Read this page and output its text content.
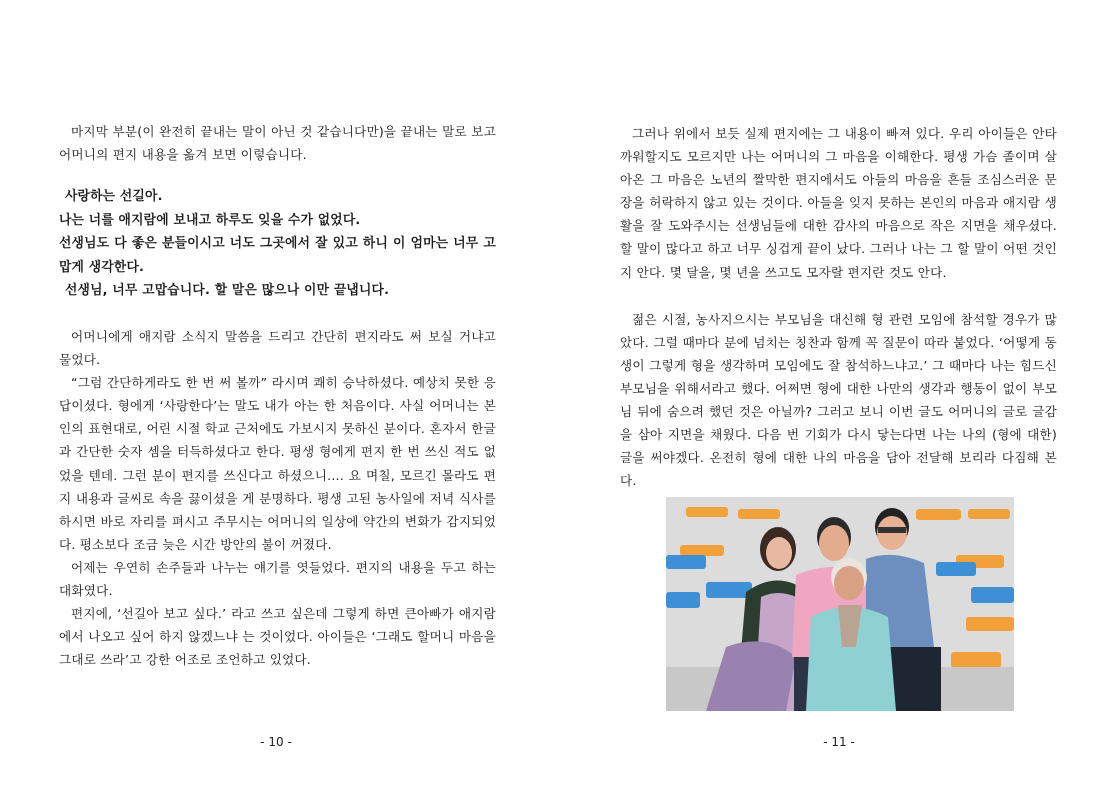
마지막 부분(이 완전히 끝내는 말이 아닌 것 같습니다만)을 끝내는 말로 보고 어머니의 편지 내용을 옮겨 보면 이렇습니다.

사랑하는 선길아.

나는 너를 애지람에 보내고 하루도 잊을 수가 없었다.

선생님도 다 좋은 분들이시고 너도 그곳에서 잘 있고 하니 이 엄마는 너무 고맙게 생각한다.

선생님, 너무 고맙습니다. 할 말은 많으나 이만 끝냅니다.

어머니에게 애지람 소식지 말씀을 드리고 간단히 편지라도 써 보실 거냐고 물었다.

“그럼 간단하게라도 한 번 써 볼까” 라시며 쾌히 승낙하셨다. 예상치 못한 응답이셨다. 형에게 ‘사랑한다’는 말도 내가 아는 한 처음이다. 사실 어머니는 본인의 표현대로, 어린 시절 학교 근처에도 가보시지 못하신 분이다. 혼자서 한글과 간단한 숫자 셈을 터득하셨다고 한다. 평생 형에게 편지 한 번 쓰신 적도 없었을 텐데. 그런 분이 편지를 쓰신다고 하셨으니.... 요 며칠, 모르긴 몰라도 편지 내용과 글씨로 속을 끓이셨을 게 분명하다. 평생 고된 농사일에 저녁 식사를 하시면 바로 자리를 펴시고 주무시는 어머니의 일상에 약간의 변화가 감지되었다. 평소보다 조금 늦은 시간 방안의 불이 꺼졌다.

어제는 우연히 손주들과 나누는 얘기를 엿들었다. 편지의 내용을 두고 하는 대화였다.

편지에, ‘선길아 보고 싶다.’ 라고 쓰고 싶은데 그렇게 하면 큰아빠가 애지람에서 나오고 싶어 하지 않겠느냐 는 것이었다. 아이들은 ‘그래도 할머니 마음을 그대로 쓰라’고 강한 어조로 조언하고 있었다.

- 10 -

그러나 위에서 보듯 실제 편지에는 그 내용이 빠져 있다. 우리 아이들은 안타까워할지도 모르지만 나는 어머니의 그 마음을 이해한다. 평생 가슴 졸이며 살아온 그 마음은 노년의 짤막한 편지에서도 아들의 마음을 흔들 조심스러운 문장을 허락하지 않고 있는 것이다. 아들을 잊지 못하는 본인의 마음과 애지람 생활을 잘 도와주시는 선생님들에 대한 감사의 마음으로 작은 지면을 채우셨다. 할 말이 많다고 하고 너무 싱겁게 끝이 났다. 그러나 나는 그 할 말이 어떤 것인지 안다. 몇 달을, 몇 년을 쓰고도 모자랄 편지란 것도 안다.

젊은 시절, 농사지으시는 부모님을 대신해 형 관련 모임에 참석할 경우가 많았다. 그럴 때마다 분에 넘치는 칭찬과 함께 꼭 질문이 따라 붙었다. ‘어떻게 동생이 그렇게 형을 생각하며 모임에도 잘 참석하느냐고.’ 그 때마다 나는 힘드신 부모님을 위해서라고 했다. 어쩌면 형에 대한 나만의 생각과 행동이 없이 부모님 뒤에 숨으려 했던 것은 아닐까? 그러고 보니 이번 글도 어머니의 글로 글감을 삼아 지면을 채웠다. 다음 번 기회가 다시 닿는다면 나는 나의 (형에 대한) 글을 써야겠다. 온전히 형에 대한 나의 마음을 담아 전달해 보리라 다짐해 본다.

- 11 -
